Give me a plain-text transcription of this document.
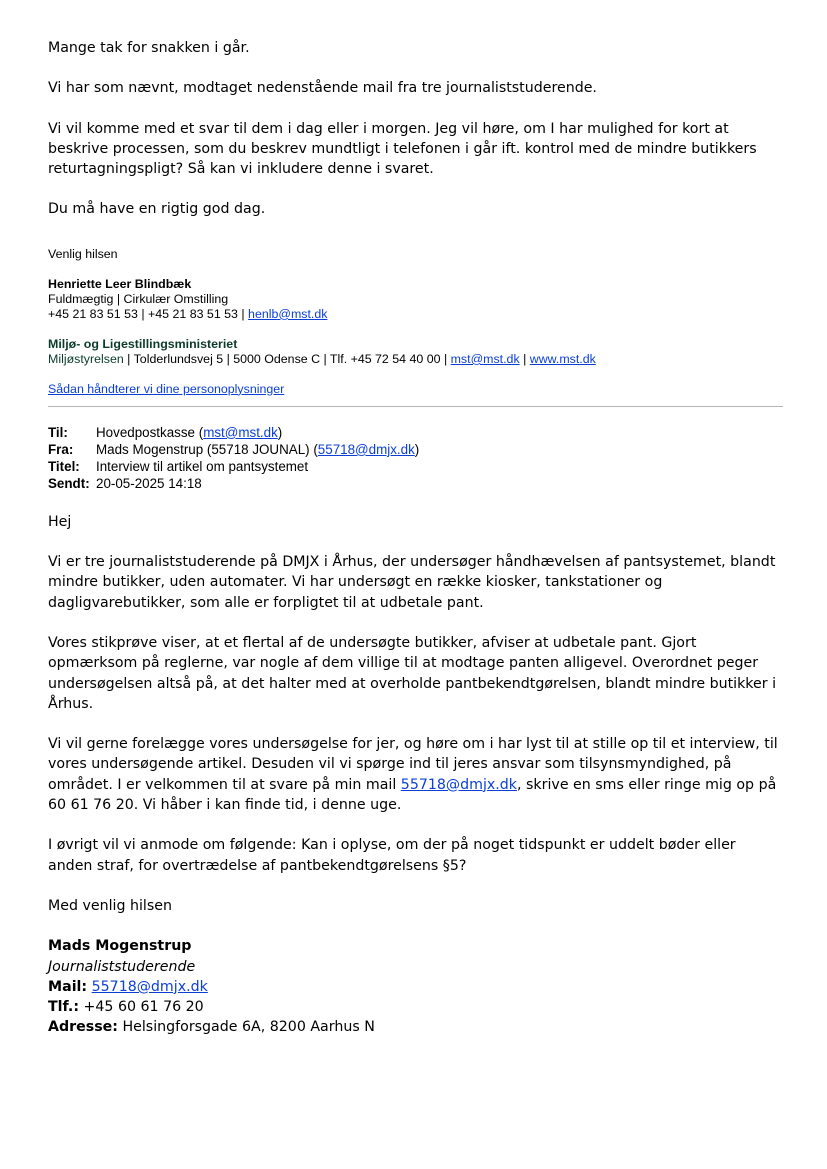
Mange tak for snakken i går.

Vi har som nævnt, modtaget nedenstående mail fra tre journaliststuderende.

Vi vil komme med et svar til dem i dag eller i morgen. Jeg vil høre, om I har mulighed for kort at beskrive processen, som du beskrev mundtligt i telefonen i går ift. kontrol med de mindre butikkers returtagningspligt? Så kan vi inkludere denne i svaret.

Du må have en rigtig god dag.

Venlig hilsen

Henriette Leer Blindbæk

Fuldmægtig | Cirkulær Omstilling

+45 21 83 51 53 | +45 21 83 51 53 | henlb@mst.dk

Miljø- og Ligestillingsministeriet

Miljøstyrelsen | Tolderlundsvej 5 | 5000 Odense C | Tlf. +45 72 54 40 00 | mst@mst.dk | www.mst.dk

Sådan håndterer vi dine personoplysninger

Til:	Hovedpostkasse (mst@mst.dk)
Fra:	Mads Mogenstrup (55718 JOUNAL) (55718@dmjx.dk)
Titel:	Interview til artikel om pantsystemet
Sendt:	20-05-2025 14:18

Hej

Vi er tre journaliststuderende på DMJX i Århus, der undersøger håndhævelsen af pantsystemet, blandt mindre butikker, uden automater. Vi har undersøgt en række kiosker, tankstationer og dagligvarebutikker, som alle er forpligtet til at udbetale pant.

Vores stikprøve viser, at et flertal af de undersøgte butikker, afviser at udbetale pant. Gjort opmærksom på reglerne, var nogle af dem villige til at modtage panten alligevel. Overordnet peger undersøgelsen altså på, at det halter med at overholde pantbekendtgørelsen, blandt mindre butikker i Århus.

Vi vil gerne forelægge vores undersøgelse for jer, og høre om i har lyst til at stille op til et interview, til vores undersøgende artikel. Desuden vil vi spørge ind til jeres ansvar som tilsynsmyndighed, på området. I er velkommen til at svare på min mail 55718@dmjx.dk, skrive en sms eller ringe mig op på 60 61 76 20. Vi håber i kan finde tid, i denne uge.

I øvrigt vil vi anmode om følgende: Kan i oplyse, om der på noget tidspunkt er uddelt bøder eller anden straf, for overtrædelse af pantbekendtgørelsens §5?

Med venlig hilsen

Mads Mogenstrup

Journaliststuderende

Mail: 55718@dmjx.dk

Tlf.: +45 60 61 76 20

Adresse: Helsingforsgade 6A, 8200 Aarhus N
